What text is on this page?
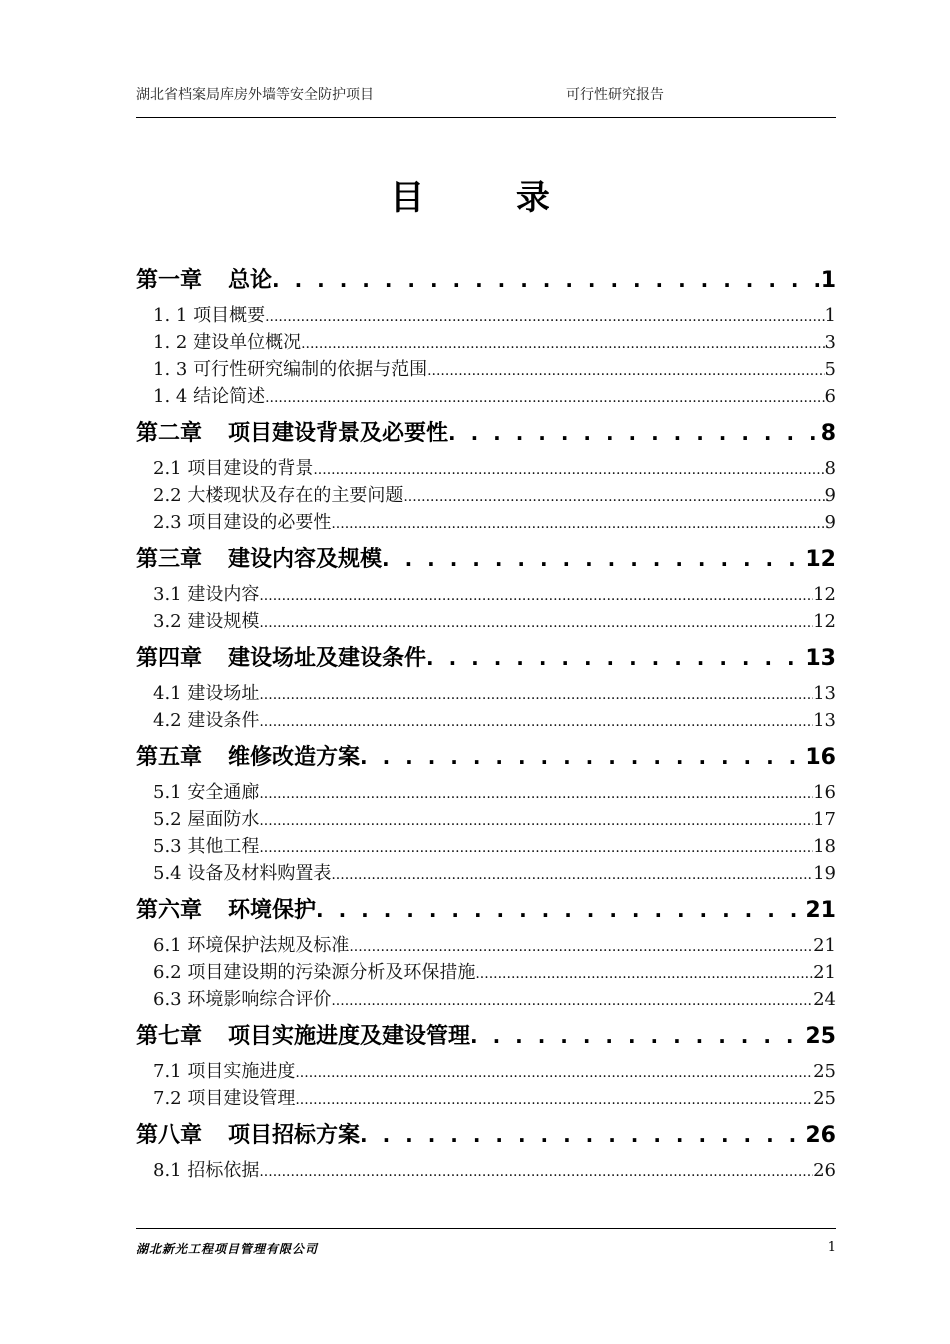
湖北省档案局库房外墙等安全防护项目	可行性研究报告
目 录
第一章 总论 . . .	1
1. 1 项目概要 .....	1
1. 2 建设单位概况 .....	3
1. 3 可行性研究编制的依据与范围 .....	5
1. 4 结论简述 .....	6
第二章 项目建设背景及必要性 . . .	8
2.1 项目建设的背景 .....	8
2.2 大楼现状及存在的主要问题 .....	9
2.3 项目建设的必要性 .....	9
第三章 建设内容及规模 . . .	12
3.1 建设内容 .....	12
3.2 建设规模 .....	12
第四章 建设场址及建设条件 . . .	13
4.1 建设场址 .....	13
4.2 建设条件 .....	13
第五章 维修改造方案 . . .	16
5.1 安全通廊 .....	16
5.2 屋面防水 .....	17
5.3 其他工程 .....	18
5.4 设备及材料购置表 .....	19
第六章 环境保护 . . .	21
6.1 环境保护法规及标准 .....	21
6.2 项目建设期的污染源分析及环保措施 .....	21
6.3 环境影响综合评价 .....	24
第七章 项目实施进度及建设管理 . . .	25
7.1 项目实施进度 .....	25
7.2 项目建设管理 .....	25
第八章 项目招标方案 . . .	26
8.1 招标依据 .....	26
湖北新光工程项目管理有限公司	1
